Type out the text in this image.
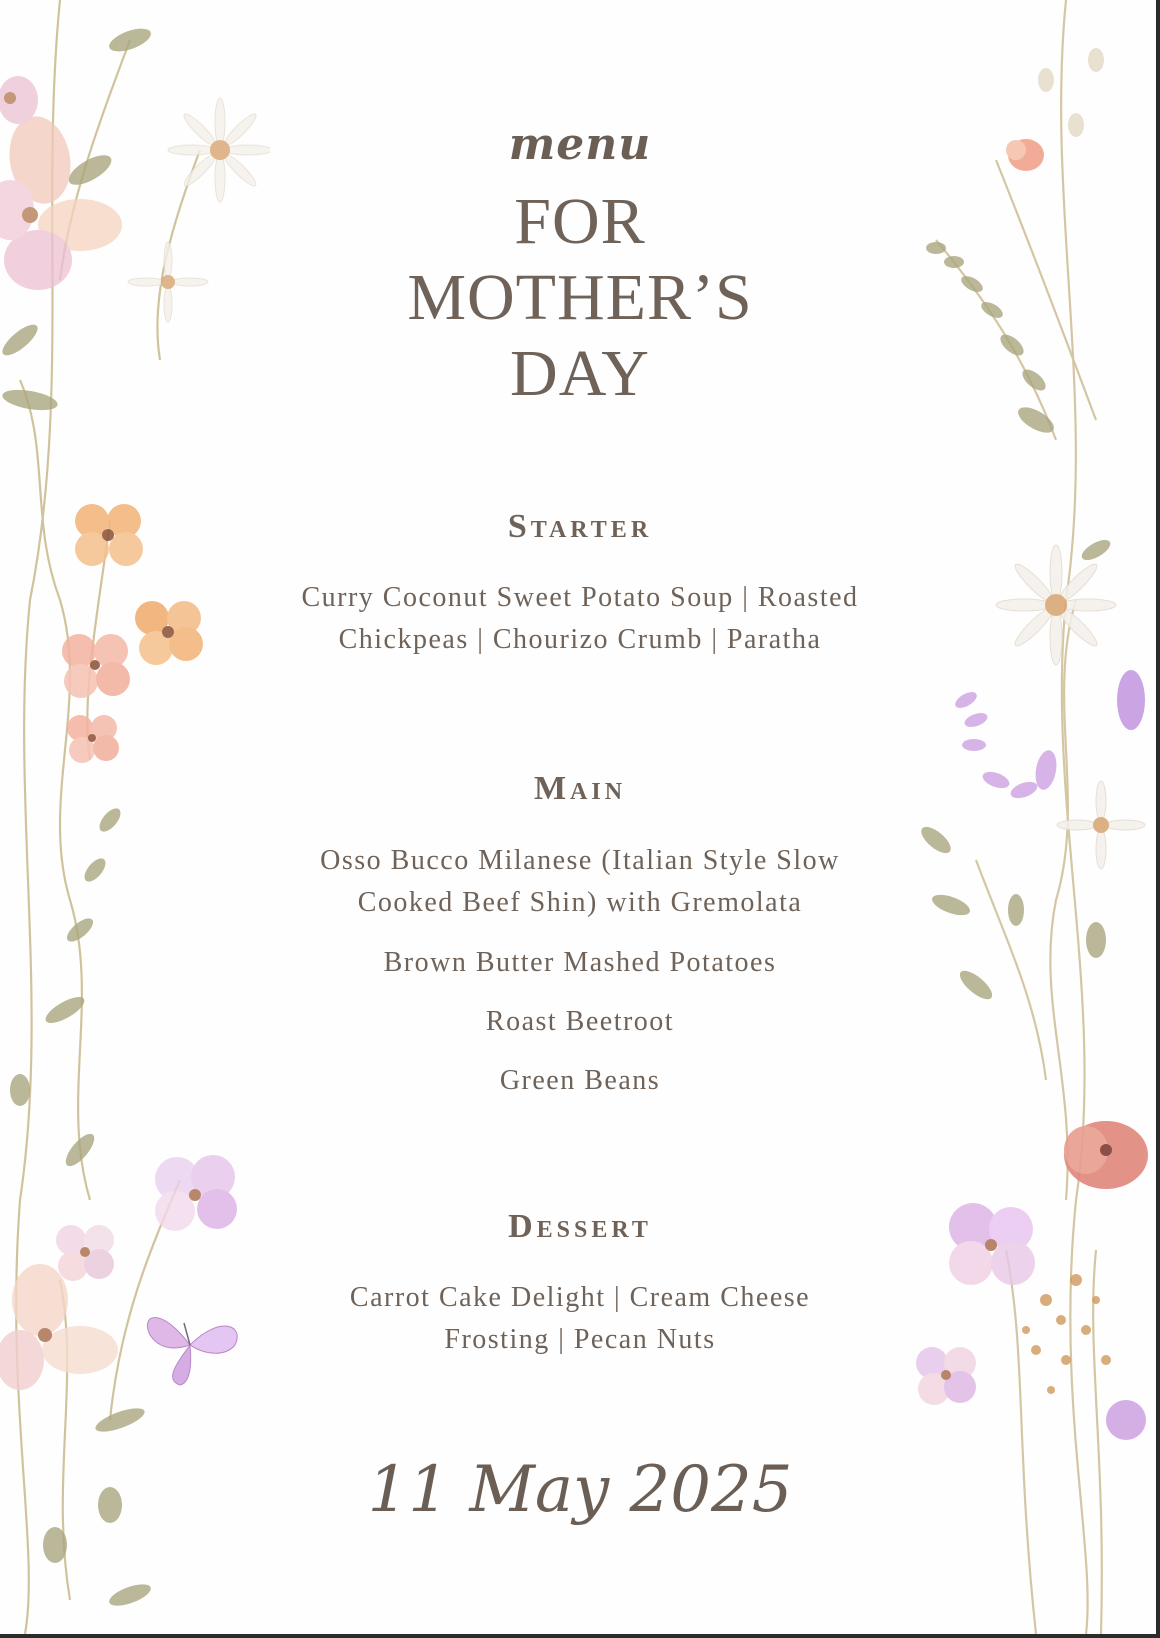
menu
FOR
MOTHER’S
DAY
Starter
Curry Coconut Sweet Potato Soup | Roasted Chickpeas | Chourizo Crumb | Paratha
Main
Osso Bucco Milanese (Italian Style Slow Cooked Beef Shin) with Gremolata
Brown Butter Mashed Potatoes
Roast Beetroot
Green Beans
Dessert
Carrot Cake Delight | Cream Cheese Frosting | Pecan Nuts
11 May 2025
